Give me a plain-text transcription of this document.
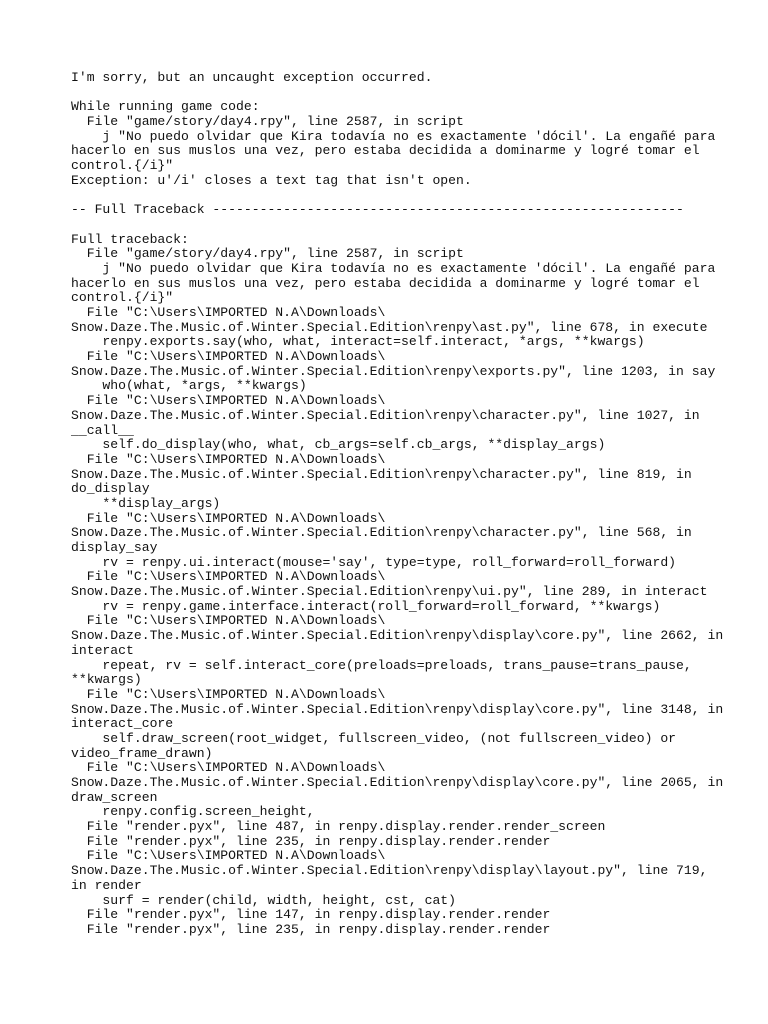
I'm sorry, but an uncaught exception occurred.
While running game code:
File "game/story/day4.rpy", line 2587, in script
j "No puedo olvidar que Kira todavía no es exactamente 'dócil'. La engañé para
hacerlo en sus muslos una vez, pero estaba decidida a dominarme y logré tomar el
control.{/i}"
Exception: u'/i' closes a text tag that isn't open.
-- Full Traceback ------------------------------------------------------------
Full traceback:
File "game/story/day4.rpy", line 2587, in script
j "No puedo olvidar que Kira todavía no es exactamente 'dócil'. La engañé para
hacerlo en sus muslos una vez, pero estaba decidida a dominarme y logré tomar el
control.{/i}"
File "C:\Users\IMPORTED N.A\Downloads\
Snow.Daze.The.Music.of.Winter.Special.Edition\renpy\ast.py", line 678, in execute
renpy.exports.say(who, what, interact=self.interact, *args, **kwargs)
File "C:\Users\IMPORTED N.A\Downloads\
Snow.Daze.The.Music.of.Winter.Special.Edition\renpy\exports.py", line 1203, in say
who(what, *args, **kwargs)
File "C:\Users\IMPORTED N.A\Downloads\
Snow.Daze.The.Music.of.Winter.Special.Edition\renpy\character.py", line 1027, in
__call__
self.do_display(who, what, cb_args=self.cb_args, **display_args)
File "C:\Users\IMPORTED N.A\Downloads\
Snow.Daze.The.Music.of.Winter.Special.Edition\renpy\character.py", line 819, in
do_display
**display_args)
File "C:\Users\IMPORTED N.A\Downloads\
Snow.Daze.The.Music.of.Winter.Special.Edition\renpy\character.py", line 568, in
display_say
rv = renpy.ui.interact(mouse='say', type=type, roll_forward=roll_forward)
File "C:\Users\IMPORTED N.A\Downloads\
Snow.Daze.The.Music.of.Winter.Special.Edition\renpy\ui.py", line 289, in interact
rv = renpy.game.interface.interact(roll_forward=roll_forward, **kwargs)
File "C:\Users\IMPORTED N.A\Downloads\
Snow.Daze.The.Music.of.Winter.Special.Edition\renpy\display\core.py", line 2662, in
interact
repeat, rv = self.interact_core(preloads=preloads, trans_pause=trans_pause,
**kwargs)
File "C:\Users\IMPORTED N.A\Downloads\
Snow.Daze.The.Music.of.Winter.Special.Edition\renpy\display\core.py", line 3148, in
interact_core
self.draw_screen(root_widget, fullscreen_video, (not fullscreen_video) or
video_frame_drawn)
File "C:\Users\IMPORTED N.A\Downloads\
Snow.Daze.The.Music.of.Winter.Special.Edition\renpy\display\core.py", line 2065, in
draw_screen
renpy.config.screen_height,
File "render.pyx", line 487, in renpy.display.render.render_screen
File "render.pyx", line 235, in renpy.display.render.render
File "C:\Users\IMPORTED N.A\Downloads\
Snow.Daze.The.Music.of.Winter.Special.Edition\renpy\display\layout.py", line 719,
in render
surf = render(child, width, height, cst, cat)
File "render.pyx", line 147, in renpy.display.render.render
File "render.pyx", line 235, in renpy.display.render.render
